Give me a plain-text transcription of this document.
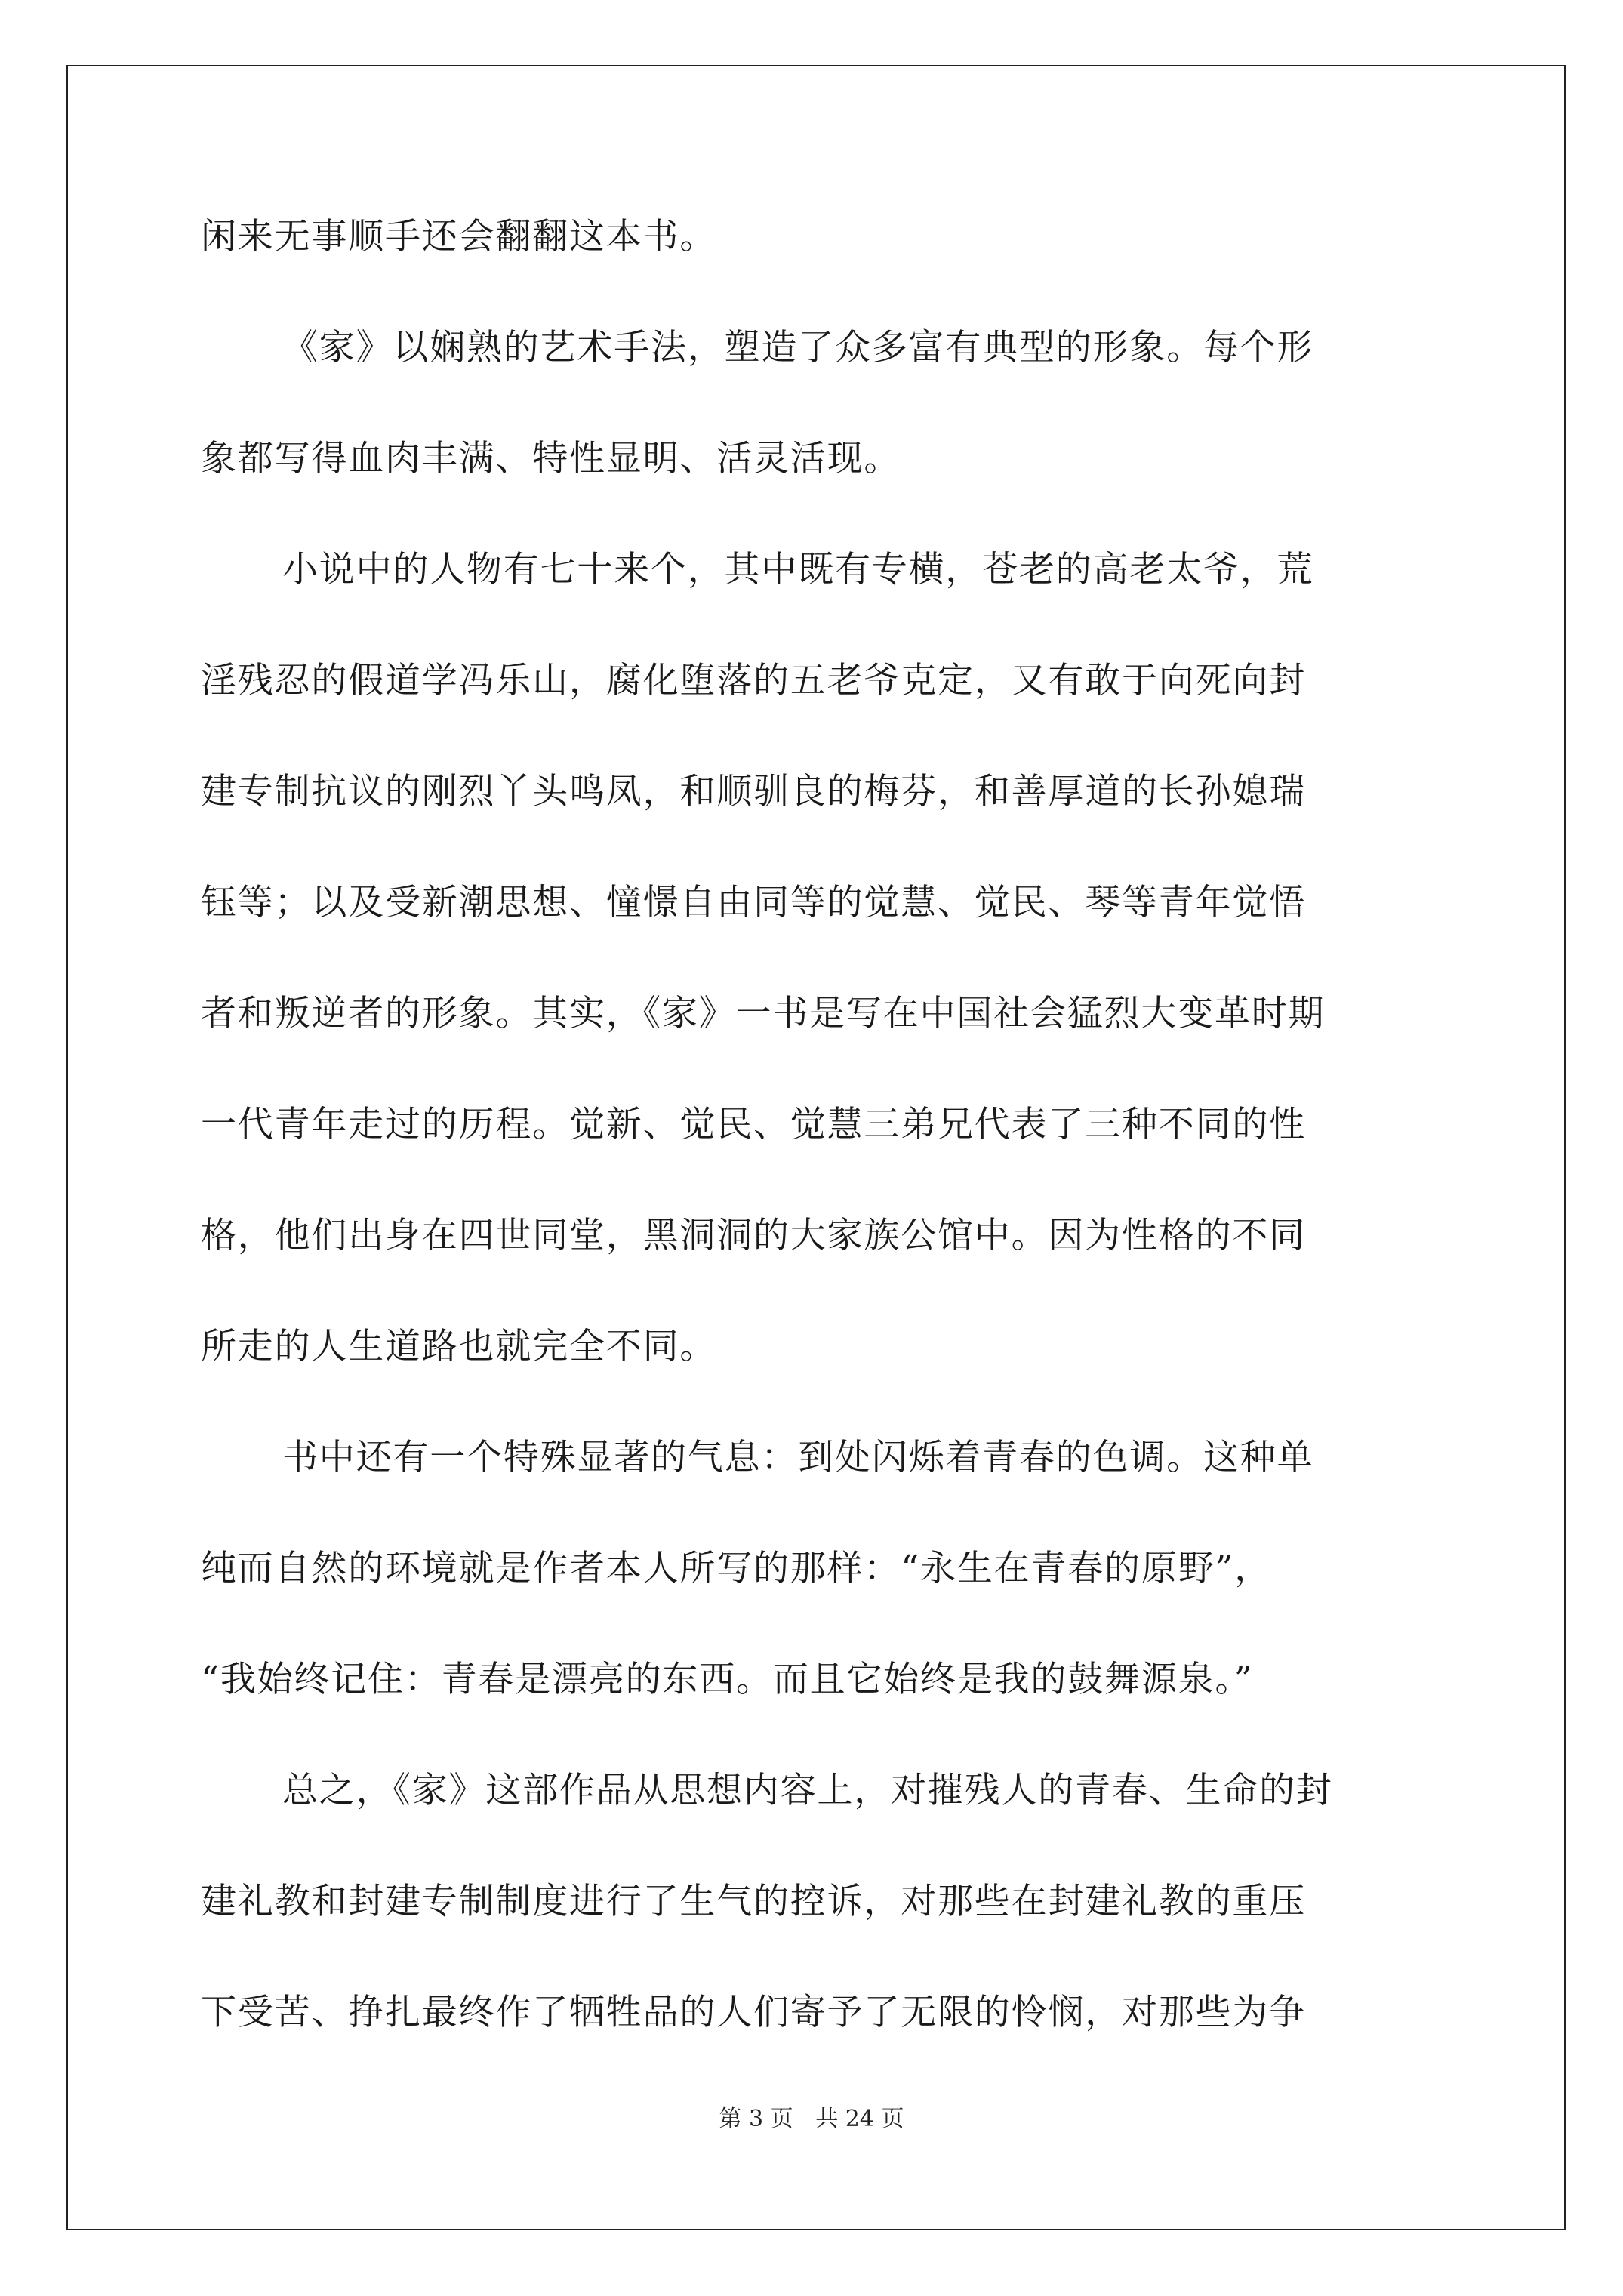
闲来无事顺手还会翻翻这本书。

《家》以娴熟的艺术手法，塑造了众多富有典型的形象。每个形

象都写得血肉丰满、特性显明、活灵活现。

小说中的人物有七十来个，其中既有专横，苍老的高老太爷，荒

淫残忍的假道学冯乐山，腐化堕落的五老爷克定，又有敢于向死向封

建专制抗议的刚烈丫头鸣凤，和顺驯良的梅芬，和善厚道的长孙媳瑞

钰等；以及受新潮思想、憧憬自由同等的觉慧、觉民、琴等青年觉悟

者和叛逆者的形象。其实，《家》一书是写在中国社会猛烈大变革时期

一代青年走过的历程。觉新、觉民、觉慧三弟兄代表了三种不同的性

格，他们出身在四世同堂，黑洞洞的大家族公馆中。因为性格的不同

所走的人生道路也就完全不同。

书中还有一个特殊显著的气息：到处闪烁着青春的色调。这种单

纯而自然的环境就是作者本人所写的那样：“永生在青春的原野”，

“我始终记住：青春是漂亮的东西。而且它始终是我的鼓舞源泉。”

总之，《家》这部作品从思想内容上，对摧残人的青春、生命的封

建礼教和封建专制制度进行了生气的控诉，对那些在封建礼教的重压

下受苦、挣扎最终作了牺牲品的人们寄予了无限的怜悯，对那些为争

第 3 页 共 24 页
